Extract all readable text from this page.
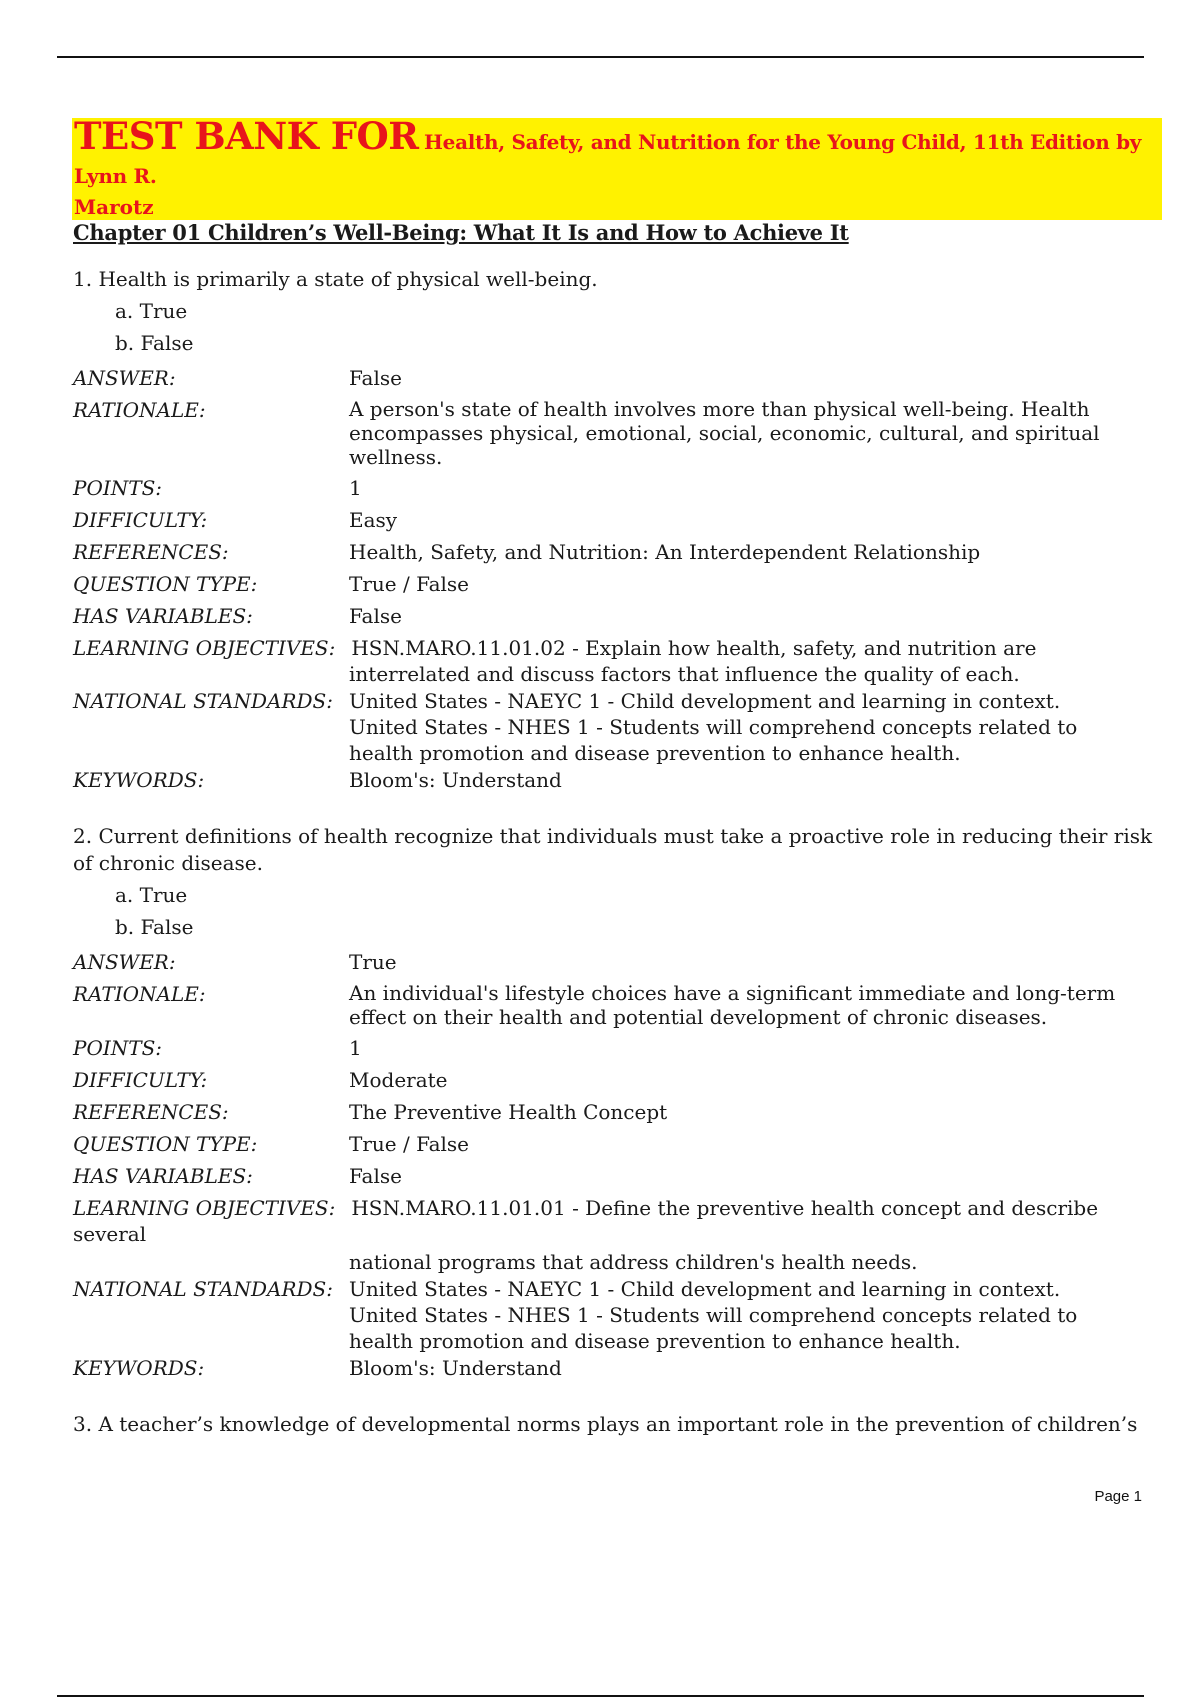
TEST BANK FOR Health, Safety, and Nutrition for the Young Child, 11th Edition by Lynn R.
Marotz
Chapter 01 Children’s Well-Being: What It Is and How to Achieve It
1. Health is primarily a state of physical well-being.
a. True
b. False
ANSWER:	False
RATIONALE:	A person's state of health involves more than physical well-being. Health encompasses physical, emotional, social, economic, cultural, and spiritual wellness.
POINTS:	1
DIFFICULTY:	Easy
REFERENCES:	Health, Safety, and Nutrition: An Interdependent Relationship
QUESTION TYPE:	True / False
HAS VARIABLES:	False
LEARNING OBJECTIVES: HSN.MARO.11.01.02 - Explain how health, safety, and nutrition are
interrelated and discuss factors that influence the quality of each.
NATIONAL STANDARDS: United States - NAEYC 1 - Child development and learning in context.
United States - NHES 1 - Students will comprehend concepts related to
health promotion and disease prevention to enhance health.
KEYWORDS:	Bloom's: Understand
2. Current definitions of health recognize that individuals must take a proactive role in reducing their risk of chronic disease.
a. True
b. False
ANSWER:	True
RATIONALE:	An individual's lifestyle choices have a significant immediate and long-term effect on their health and potential development of chronic diseases.
POINTS:	1
DIFFICULTY:	Moderate
REFERENCES:	The Preventive Health Concept
QUESTION TYPE:	True / False
HAS VARIABLES:	False
LEARNING OBJECTIVES: HSN.MARO.11.01.01 - Define the preventive health concept and describe
several
national programs that address children's health needs.
NATIONAL STANDARDS: United States - NAEYC 1 - Child development and learning in context.
United States - NHES 1 - Students will comprehend concepts related to
health promotion and disease prevention to enhance health.
KEYWORDS:	Bloom's: Understand
3. A teacher’s knowledge of developmental norms plays an important role in the prevention of children’s
Page 1
